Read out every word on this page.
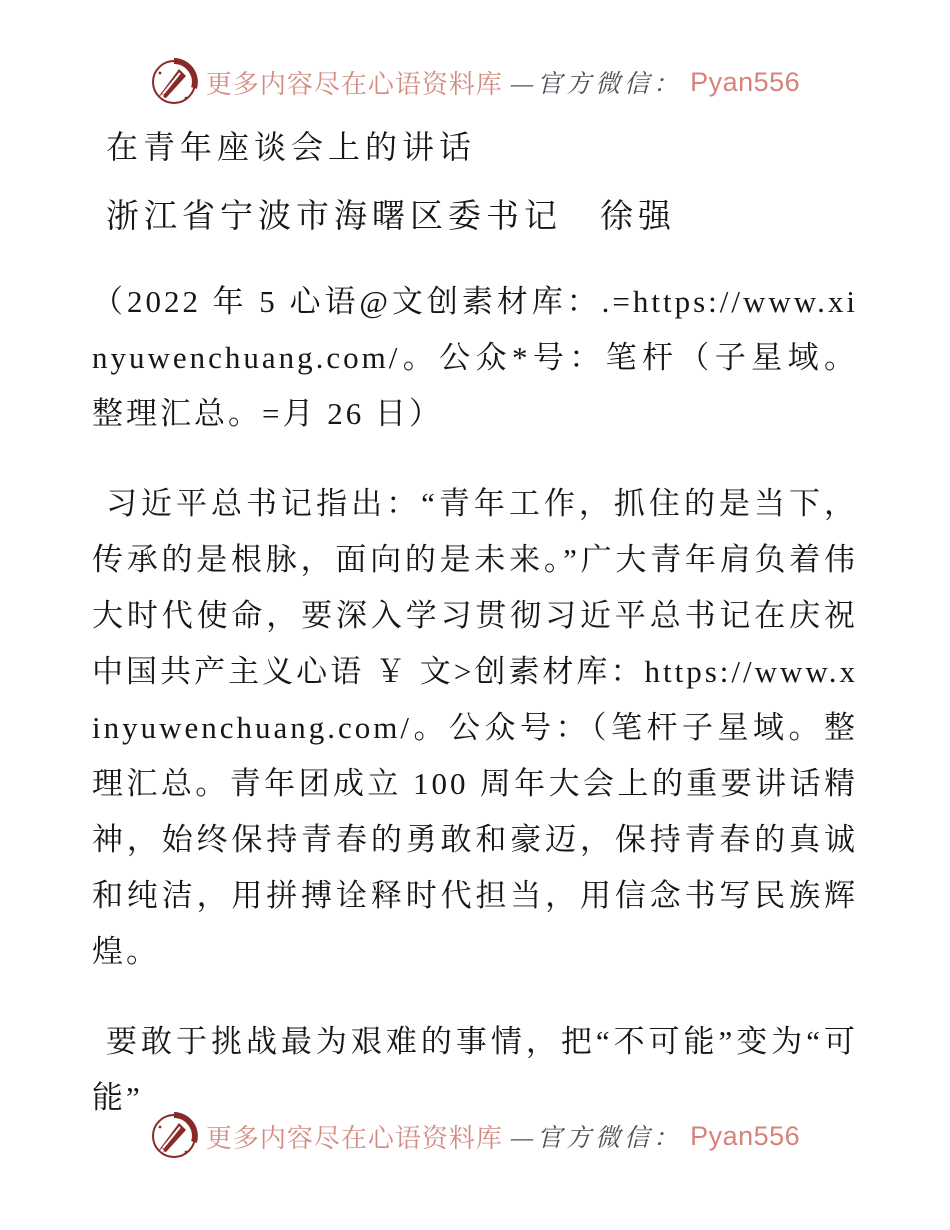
更多内容尽在心语资料库 —官方微信： Pyan556
在青年座谈会上的讲话

浙江省宁波市海曙区委书记　徐强

（2022 年 5 心语@文创素材库：.=https://www.xinyuwenchuang.com/。公众*号：笔杆（子星域。整理汇总。=月 26 日）

习近平总书记指出：“青年工作，抓住的是当下，传承的是根脉，面向的是未来。”广大青年肩负着伟大时代使命，要深入学习贯彻习近平总书记在庆祝中国共产主义心语 ￥ 文>创素材库：https://www.xinyuwenchuang.com/。公众号：（笔杆子星域。整理汇总。青年团成立 100 周年大会上的重要讲话精神，始终保持青春的勇敢和豪迈，保持青春的真诚和纯洁，用拼搏诠释时代担当，用信念书写民族辉煌。

要敢于挑战最为艰难的事情，把“不可能”变为“可能”

更多内容尽在心语资料库 —官方微信： Pyan556
